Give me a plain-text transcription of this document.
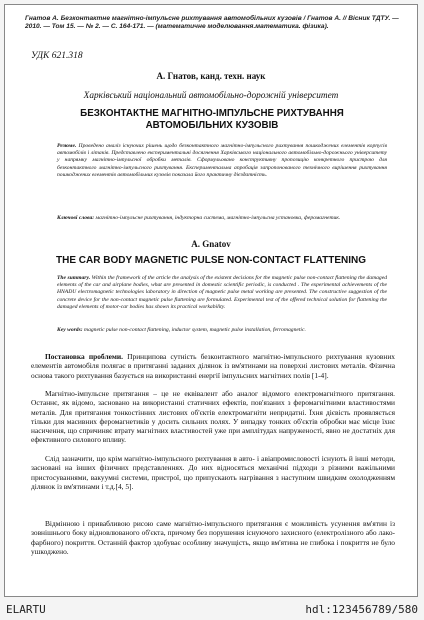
Гнатов А. Безконтактне магнітно-імпульсне рихтування автомобільних кузовів / Гнатов А. // Вісник ТДТУ. — 2010. — Том 15. — № 2. — С. 164-171. — (математичне моделювання.математика. фізика).

УДК 621.318

А. Гнатов, канд. техн. наук

Харківський національний автомобільно-дорожній університет

БЕЗКОНТАКТНЕ МАГНІТНО-ІМПУЛЬСНЕ РИХТУВАННЯ АВТОМОБІЛЬНИХ КУЗОВІВ

Резюме. Проведено аналіз існуючих рішень щодо безконтактного магнітно-імпульсного рихтування пошкоджених елементів корпусів автомобілів і літаків. Представлено експериментальні досягнення Харківського національного автомобільно-дорожнього університету у напрямку магнітно-імпульсної обробки металів. Сформульовано конструктивну пропозицію конкретного пристрою для безконтактного магнітно-імпульсного рихтування. Експериментальна апробація запропонованого технічного вирішення рихтування пошкоджених елементів автомобільних кузовів показала його практичну дієздатність.

Ключові слова: магнітно-імпульсне рихтування, індукторна система, магнітно-імпульсна установка, феромагнетик.

A. Gnatov

THE CAR BODY MAGNETIC PULSE NON-CONTACT FLATTENING

The summary. Within the framework of the article the analysis of the existent decisions for the magnetic pulse non-contact flattening the damaged elements of the car and airplane bodies, what are presented in domestic scientific periodic, is conducted . The experimental achievements of the HNADU electromagnetic technologies laboratory in direction of magnetic pulse metal working are presented. The constructive suggestion of the concrete device for the non-contact magnetic pulse flattening are formulated. Experimental test of the offered technical solution for flattening the damaged elements of motor-car bodies has shown its practical workability.

Key words: magnetic pulse non-contact flattening, inductor system, magnetic pulse installation, ferromagnetic.

Постановка проблеми. Принципова сутність безконтактного магнітно-імпульсного рихтування кузовних елементів автомобіля полягає в притяганні заданих ділянок із вм'ятинами на поверхні листових металів. Фізична основа такого рихтування базується на використанні енергії імпульсних магнітних полів [1-4].

Магнітно-імпульсне притягання – це не еквівалент або аналог відомого електромагнітного притягання. Останнє, як відомо, засновано на використанні статичних ефектів, пов'язаних з феромагнітними властивостями металів. Для притягання тонкостінних листових об'єктів електромагніти непридатні. Їхня дієвість проявляється тільки для масивних феромагнетиків у досить сильних полях. У випадку тонких об'єктів обробки має місце їхнє насичення, що спричиняє втрату магнітних властивостей уже при амплітудах напруженості, явно не достатніх для ефективного силового впливу.

Слід зазначити, що крім магнітно-імпульсного рихтування в авто- і авіапромисловості існують й інші методи, засновані на інших фізичних представленнях. До них відносяться механічні підходи з різними важільними пристосуваннями, вакуумні системи, пристрої, що припускають нагрівання з наступним швидким охолодженням ділянок із вм'ятинами і т.д.[4, 5].

Відмінною і привабливою рисою саме магнітно-імпульсного притягання є можливість усунення вм'ятин із зовнішнього боку відновлюваного об'єкта, причому без порушення існуючого захисного (електролізного або лако-фарбного) покриття. Останній фактор здобуває особливу значущість, якщо вм'ятина не глибока і покриття не було ушкоджено.

ELARTU	hdl:123456789/580
